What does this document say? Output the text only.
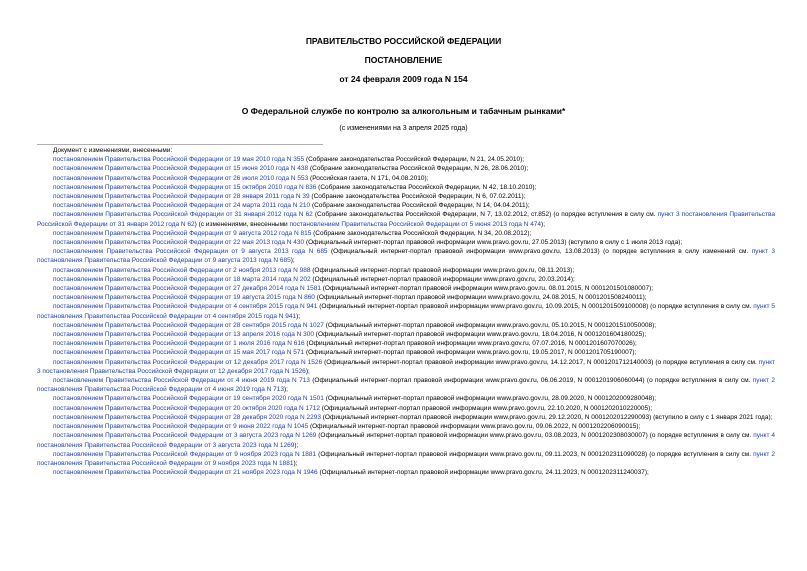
ПРАВИТЕЛЬСТВО РОССИЙСКОЙ ФЕДЕРАЦИИ
ПОСТАНОВЛЕНИЕ
от 24 февраля 2009 года N 154
О Федеральной службе по контролю за алкогольным и табачным рынками*
(с изменениями на 3 апреля 2025 года)

Документ с изменениями, внесенными:

постановлением Правительства Российской Федерации от 19 мая 2010 года N 355 (Собрание законодательства Российской Федерации, N 21, 24.05.2010);

постановлением Правительства Российской Федерации от 15 июня 2010 года N 438 (Собрание законодательства Российской Федерации, N 26, 28.06.2010);

постановлением Правительства Российской Федерации от 26 июля 2010 года N 553 (Российская газета, N 171, 04.08.2010);

постановлением Правительства Российской Федерации от 15 октября 2010 года N 836 (Собрание законодательства Российской Федерации, N 42, 18.10.2010);

постановлением Правительства Российской Федерации от 28 января 2011 года N 39 (Собрание законодательства Российской Федерации, N 6, 07.02.2011);

постановлением Правительства Российской Федерации от 24 марта 2011 года N 210 (Собрание законодательства Российской Федерации, N 14, 04.04.2011);

постановлением Правительства Российской Федерации от 31 января 2012 года N 62 (Собрание законодательства Российской Федерации, N 7, 13.02.2012, ст.852) (о порядке вступления в силу см. пункт 3 постановления Правительства Российской Федерации от 31 января 2012 года N 62) (с изменениями, внесенными постановлением Правительства Российской Федерации от 5 июня 2013 года N 474);

постановлением Правительства Российской Федерации от 9 августа 2012 года N 815 (Собрание законодательства Российской Федерации, N 34, 20.08.2012);

постановлением Правительства Российской Федерации от 22 мая 2013 года N 430 (Официальный интернет-портал правовой информации www.pravo.gov.ru, 27.05.2013) (вступило в силу с 1 июля 2013 года);

постановлением Правительства Российской Федерации от 9 августа 2013 года N 685 (Официальный интернет-портал правовой информации www.pravo.gov.ru, 13.08.2013) (о порядке вступления в силу изменений см. пункт 3 постановления Правительства Российской Федерации от 9 августа 2013 года N 685);

постановлением Правительства Российской Федерации от 2 ноября 2013 года N 988 (Официальный интернет-портал правовой информации www.pravo.gov.ru, 08.11.2013);

постановлением Правительства Российской Федерации от 18 марта 2014 года N 202 (Официальный интернет-портал правовой информации www.pravo.gov.ru, 20.03.2014);

постановлением Правительства Российской Федерации от 27 декабря 2014 года N 1581 (Официальный интернет-портал правовой информации www.pravo.gov.ru, 08.01.2015, N 0001201501080007);

постановлением Правительства Российской Федерации от 19 августа 2015 года N 860 (Официальный интернет-портал правовой информации www.pravo.gov.ru, 24.08.2015, N 0001201508240011);

постановлением Правительства Российской Федерации от 4 сентября 2015 года N 941 (Официальный интернет-портал правовой информации www.pravo.gov.ru, 10.09.2015, N 0001201509100008) (о порядке вступления в силу см. пункт 5 постановления Правительства Российской Федерации от 4 сентября 2015 года N 941);

постановлением Правительства Российской Федерации от 28 сентября 2015 года N 1027 (Официальный интернет-портал правовой информации www.pravo.gov.ru, 05.10.2015, N 0001201510050008);

постановлением Правительства Российской Федерации от 13 апреля 2016 года N 300 (Официальный интернет-портал правовой информации www.pravo.gov.ru, 18.04.2016, N 0001201604180025);

постановлением Правительства Российской Федерации от 1 июля 2016 года N 616 (Официальный интернет-портал правовой информации www.pravo.gov.ru, 07.07.2016, N 0001201607070026);

постановлением Правительства Российской Федерации от 15 мая 2017 года N 571 (Официальный интернет-портал правовой информации www.pravo.gov.ru, 19.05.2017, N 0001201705190007);

постановлением Правительства Российской Федерации от 12 декабря 2017 года N 1526 (Официальный интернет-портал правовой информации www.pravo.gov.ru, 14.12.2017, N 0001201712140003) (о порядке вступления в силу см. пункт 3 постановления Правительства Российской Федерации от 12 декабря 2017 года N 1526);

постановлением Правительства Российской Федерации от 4 июня 2019 года N 713 (Официальный интернет-портал правовой информации www.pravo.gov.ru, 06.06.2019, N 0001201906060044) (о порядке вступления в силу см. пункт 2 постановления Правительства Российской Федерации от 4 июня 2019 года N 713);

постановлением Правительства Российской Федерации от 19 сентября 2020 года N 1501 (Официальный интернет-портал правовой информации www.pravo.gov.ru, 28.09.2020, N 0001202009280048);

постановлением Правительства Российской Федерации от 20 октября 2020 года N 1712 (Официальный интернет-портал правовой информации www.pravo.gov.ru, 22.10.2020, N 0001202010220005);

постановлением Правительства Российской Федерации от 28 декабря 2020 года N 2293 (Официальный интернет-портал правовой информации www.pravo.gov.ru, 29.12.2020, N 0001202012290093) (вступило в силу с 1 января 2021 года);

постановлением Правительства Российской Федерации от 9 июня 2022 года N 1045 (Официальный интернет-портал правовой информации www.pravo.gov.ru, 09.06.2022, N 0001202206090015);

постановлением Правительства Российской Федерации от 3 августа 2023 года N 1269 (Официальный интернет-портал правовой информации www.pravo.gov.ru, 03.08.2023, N 0001202308030007) (о порядке вступления в силу см. пункт 4 постановления Правительства Российской Федерации от 3 августа 2023 года N 1269);

постановлением Правительства Российской Федерации от 9 ноября 2023 года N 1881 (Официальный интернет-портал правовой информации www.pravo.gov.ru, 09.11.2023, N 0001202311090028) (о порядке вступления в силу см. пункт 2 постановления Правительства Российской Федерации от 9 ноября 2023 года N 1881);

постановлением Правительства Российской Федерации от 21 ноября 2023 года N 1946 (Официальный интернет-портал правовой информации www.pravo.gov.ru, 24.11.2023, N 0001202311240037);
